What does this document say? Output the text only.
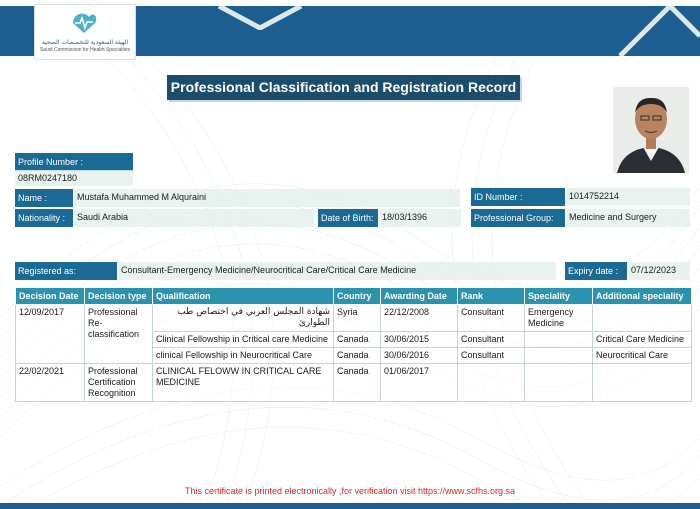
الهيئة السعودية للتخصصات الصحية
Saudi Commission for Health Specialties
Professional Classification and Registration Record
Profile Number :
08RM0247180
Name :	Mustafa Muhammed M Alquraini	ID Number :	1014752214
Nationality :	Saudi Arabia	Date of Birth: 18/03/1396	Professional Group:	Medicine and Surgery
Registered as:	Consultant-Emergency Medicine/Neurocritical Care/Critical Care Medicine	Expiry date :	07/12/2023
Decision Date	Decision type	Qualification	Country	Awarding Date	Rank	Speciality	Additional speciality
12/09/2017	Professional Re-classification	شهادة المجلس العربي في اختصاص طب الطوارئ	Syria	22/12/2008	Consultant	Emergency Medicine	
		Clinical Fellowship in Critical care Medicine	Canada	30/06/2015	Consultant		Critical Care Medicine
		clinical Fellowship in Neurocritical Care	Canada	30/06/2016	Consultant		Neurocritical Care
22/02/2021	Professional Certification Recognition	CLINICAL FELOWW IN CRITICAL CARE MEDICINE	Canada	01/06/2017			
This certificate is printed electronically ,for verification visit https://www.scfhs.org.sa
